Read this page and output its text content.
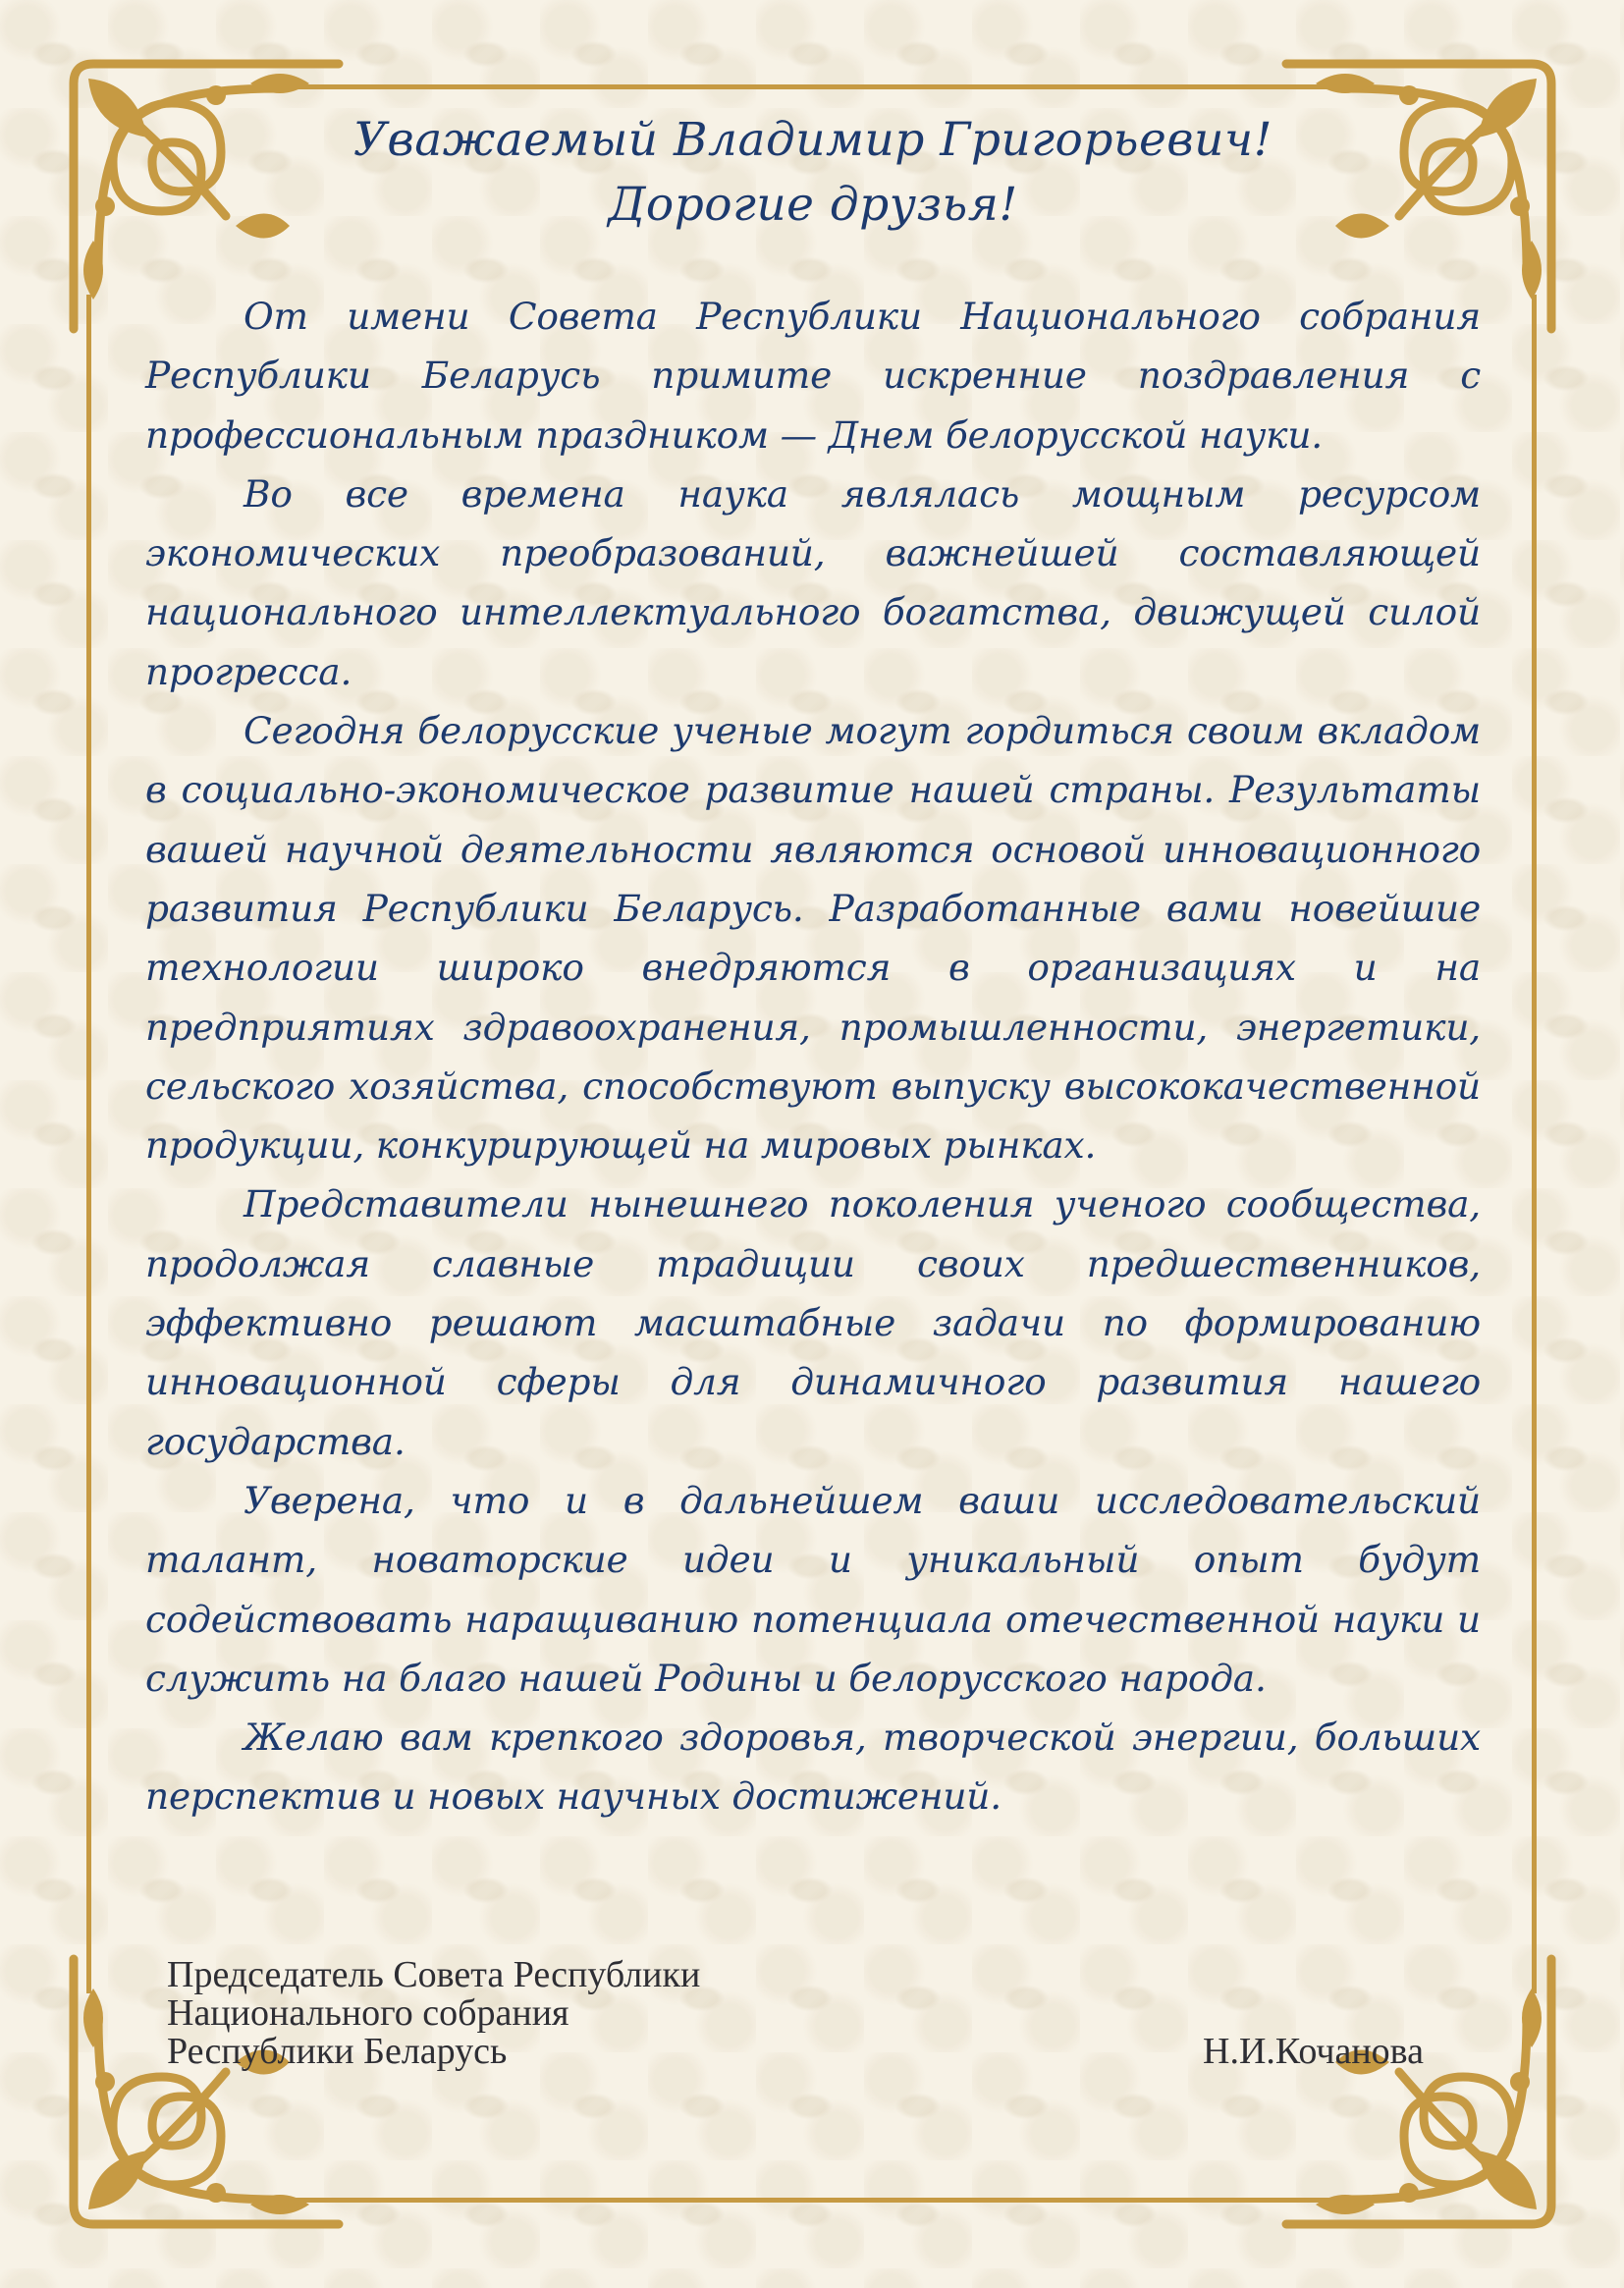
Уважаемый Владимир Григорьевич!
Дорогие друзья!

От имени Совета Республики Национального собрания Республики Беларусь примите искренние поздравления с профессиональным праздником — Днем белорусской науки.

Во все времена наука являлась мощным ресурсом экономических преобразований, важнейшей составляющей национального интеллектуального богатства, движущей силой прогресса.

Сегодня белорусские ученые могут гордиться своим вкладом в социально-экономическое развитие нашей страны. Результаты вашей научной деятельности являются основой инновационного развития Республики Беларусь. Разработанные вами новейшие технологии широко внедряются в организациях и на предприятиях здравоохранения, промышленности, энергетики, сельского хозяйства, способствуют выпуску высококачественной продукции, конкурирующей на мировых рынках.

Представители нынешнего поколения ученого сообщества, продолжая славные традиции своих предшественников, эффективно решают масштабные задачи по формированию инновационной сферы для динамичного развития нашего государства.

Уверена, что и в дальнейшем ваши исследовательский талант, новаторские идеи и уникальный опыт будут содействовать наращиванию потенциала отечественной науки и служить на благо нашей Родины и белорусского народа.

Желаю вам крепкого здоровья, творческой энергии, больших перспектив и новых научных достижений.

Председатель Совета Республики
Национального собрания
Республики Беларусь	Н.И.Кочанова
